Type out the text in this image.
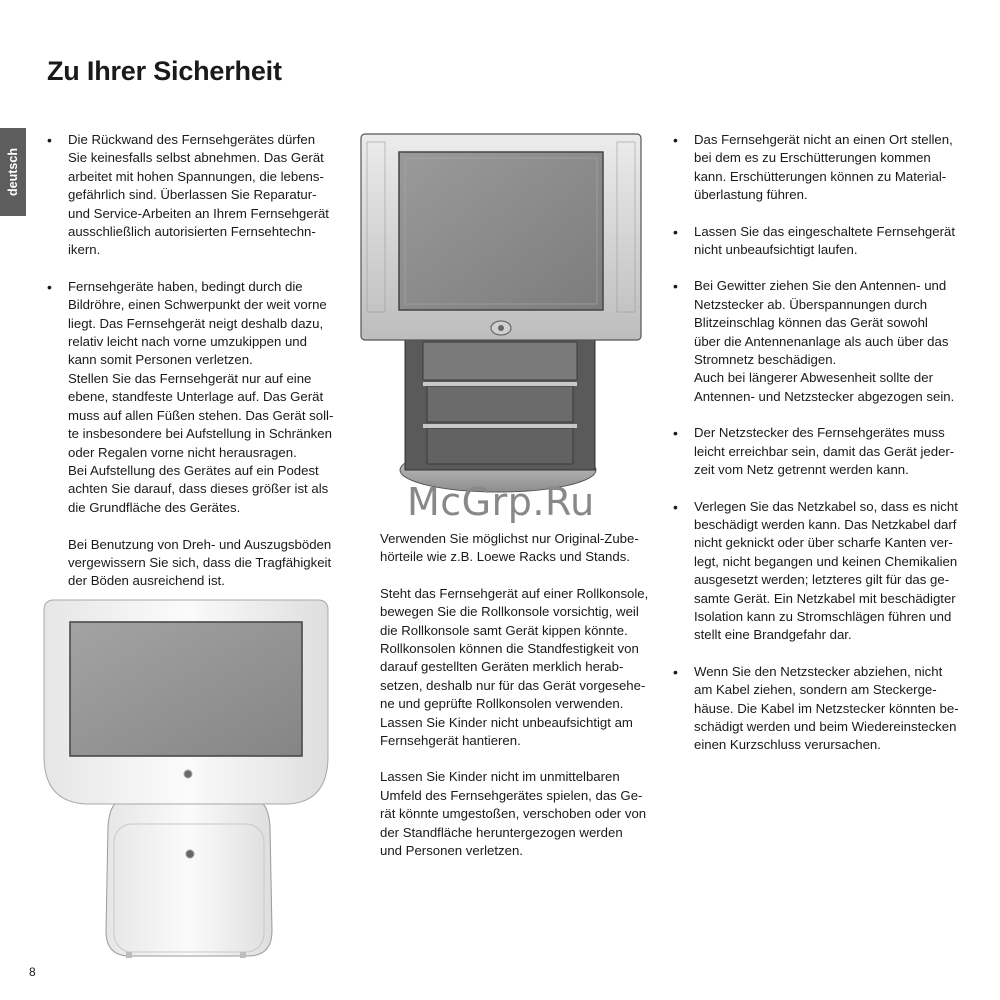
Zu Ihrer Sicherheit
deutsch
• Die Rückwand des Fernsehgerätes dürfen
Sie keinesfalls selbst abnehmen. Das Gerät
arbeitet mit hohen Spannungen, die lebens-
gefährlich sind. Überlassen Sie Reparatur-
und Service-Arbeiten an Ihrem Fernsehgerät
ausschließlich autorisierten Fernsehtechn-
ikern.
• Fernsehgeräte haben, bedingt durch die
Bildröhre, einen Schwerpunkt der weit vorne
liegt. Das Fernsehgerät neigt deshalb dazu,
relativ leicht nach vorne umzukippen und
kann somit Personen verletzen.
Stellen Sie das Fernsehgerät nur auf eine
ebene, standfeste Unterlage auf. Das Gerät
muss auf allen Füßen stehen. Das Gerät soll-
te insbesondere bei Aufstellung in Schränken
oder Regalen vorne nicht herausragen.
Bei Aufstellung des Gerätes auf ein Podest
achten Sie darauf, dass dieses größer ist als
die Grundfläche des Gerätes.

Bei Benutzung von Dreh- und Auszugsböden
vergewissern Sie sich, dass die Tragfähigkeit
der Böden ausreichend ist.

Verwenden Sie möglichst nur Original-Zube-
hörteile wie z.B. Loewe Racks und Stands.

Steht das Fernsehgerät auf einer Rollkonsole,
bewegen Sie die Rollkonsole vorsichtig, weil
die Rollkonsole samt Gerät kippen könnte.
Rollkonsolen können die Standfestigkeit von
darauf gestellten Geräten merklich herab-
setzen, deshalb nur für das Gerät vorgesehe-
ne und geprüfte Rollkonsolen verwenden.
Lassen Sie Kinder nicht unbeaufsichtigt am
Fernsehgerät hantieren.

Lassen Sie Kinder nicht im unmittelbaren
Umfeld des Fernsehgerätes spielen, das Ge-
rät könnte umgestoßen, verschoben oder von
der Standfläche heruntergezogen werden
und Personen verletzen.

• Das Fernsehgerät nicht an einen Ort stellen,
bei dem es zu Erschütterungen kommen
kann. Erschütterungen können zu Material-
überlastung führen.
• Lassen Sie das eingeschaltete Fernsehgerät
nicht unbeaufsichtigt laufen.
• Bei Gewitter ziehen Sie den Antennen- und
Netzstecker ab. Überspannungen durch
Blitzeinschlag können das Gerät sowohl
über die Antennenanlage als auch über das
Stromnetz beschädigen.
Auch bei längerer Abwesenheit sollte der
Antennen- und Netzstecker abgezogen sein.
• Der Netzstecker des Fernsehgerätes muss
leicht erreichbar sein, damit das Gerät jeder-
zeit vom Netz getrennt werden kann.
• Verlegen Sie das Netzkabel so, dass es nicht
beschädigt werden kann. Das Netzkabel darf
nicht geknickt oder über scharfe Kanten ver-
legt, nicht begangen und keinen Chemikalien
ausgesetzt werden; letzteres gilt für das ge-
samte Gerät. Ein Netzkabel mit beschädigter
Isolation kann zu Stromschlägen führen und
stellt eine Brandgefahr dar.
• Wenn Sie den Netzstecker abziehen, nicht
am Kabel ziehen, sondern am Steckerge-
häuse. Die Kabel im Netzstecker könnten be-
schädigt werden und beim Wiedereinstecken
einen Kurzschluss verursachen.
McGrp.Ru
8
